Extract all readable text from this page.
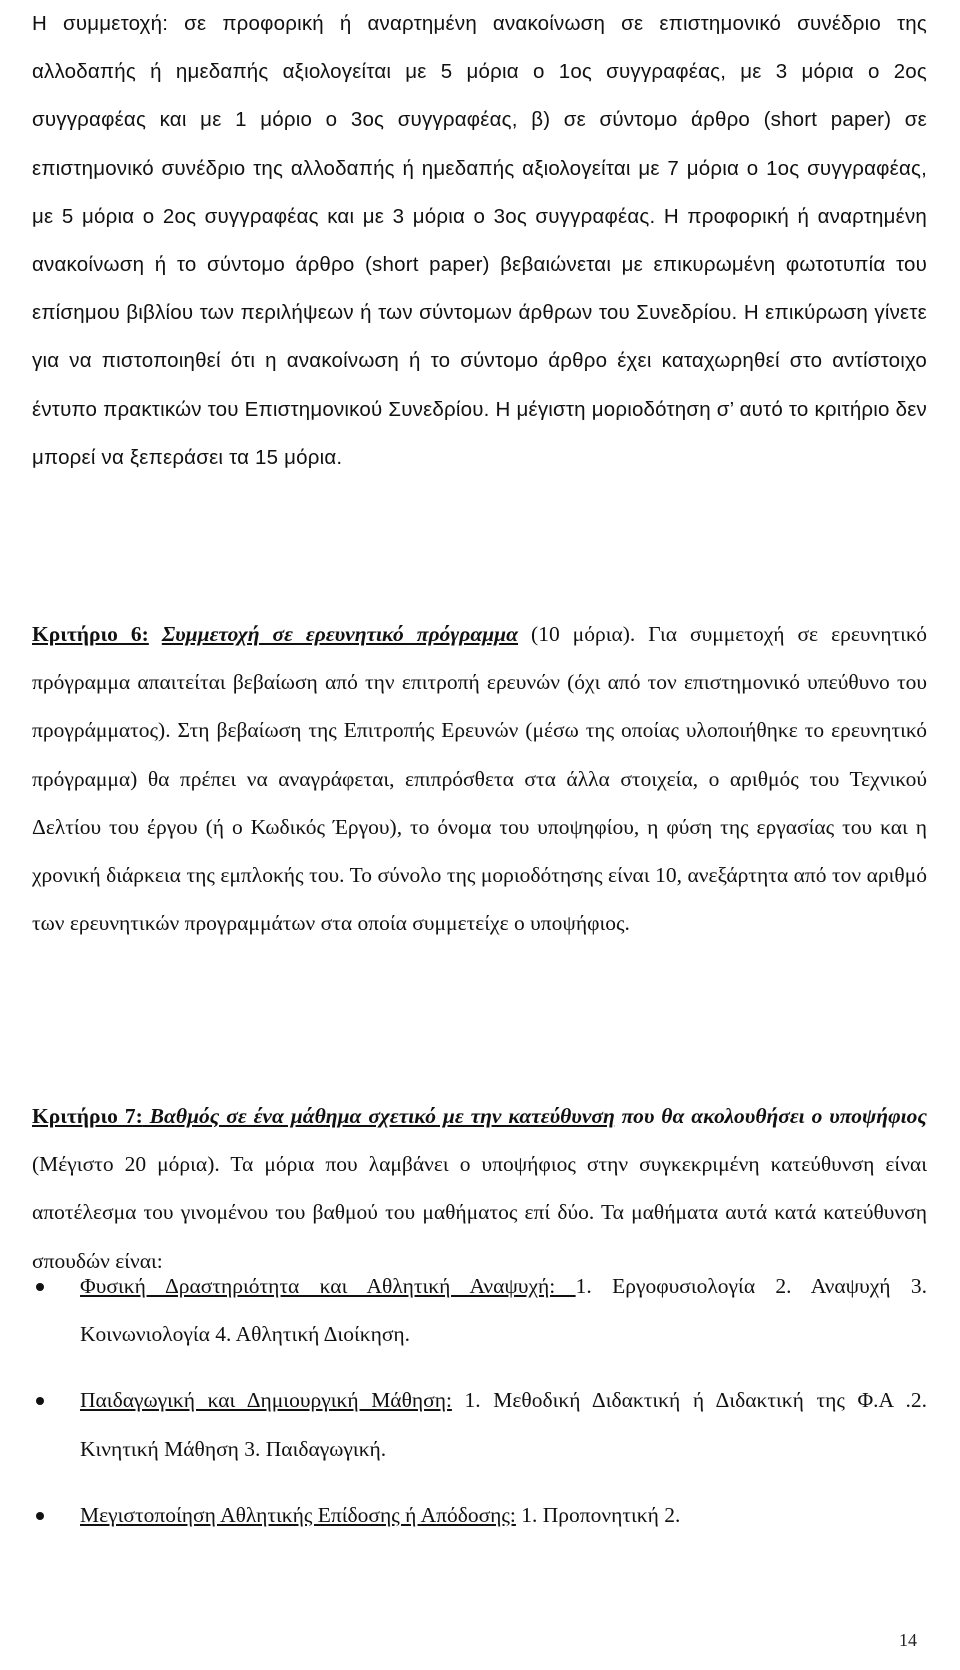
Η συμμετοχή: σε προφορική ή αναρτημένη ανακοίνωση σε επιστημονικό συνέδριο της αλλοδαπής ή ημεδαπής αξιολογείται με 5 μόρια ο 1ος συγγραφέας, με 3 μόρια ο 2ος συγγραφέας και με 1 μόριο ο 3ος συγγραφέας, β) σε σύντομο άρθρο (short paper) σε επιστημονικό συνέδριο της αλλοδαπής ή ημεδαπής αξιολογείται με 7 μόρια ο 1ος συγγραφέας, με 5 μόρια ο 2ος συγγραφέας και με 3 μόρια ο 3ος συγγραφέας. Η προφορική ή αναρτημένη ανακοίνωση ή το σύντομο άρθρο (short paper) βεβαιώνεται με επικυρωμένη φωτοτυπία του επίσημου βιβλίου των περιλήψεων ή των σύντομων άρθρων του Συνεδρίου. Η επικύρωση γίνετε για να πιστοποιηθεί ότι η ανακοίνωση ή το σύντομο άρθρο έχει καταχωρηθεί στο αντίστοιχο έντυπο πρακτικών του Επιστημονικού Συνεδρίου. Η μέγιστη μοριοδότηση σ’ αυτό το κριτήριο δεν μπορεί να ξεπεράσει τα 15 μόρια.

Κριτήριο 6: Συμμετοχή σε ερευνητικό πρόγραμμα (10 μόρια). Για συμμετοχή σε ερευνητικό πρόγραμμα απαιτείται βεβαίωση από την επιτροπή ερευνών (όχι από τον επιστημονικό υπεύθυνο του προγράμματος). Στη βεβαίωση της Επιτροπής Ερευνών (μέσω της οποίας υλοποιήθηκε το ερευνητικό πρόγραμμα) θα πρέπει να αναγράφεται, επιπρόσθετα στα άλλα στοιχεία, ο αριθμός του Τεχνικού Δελτίου του έργου (ή ο Κωδικός Έργου), το όνομα του υποψηφίου, η φύση της εργασίας του και η χρονική διάρκεια της εμπλοκής του. Το σύνολο της μοριοδότησης είναι 10, ανεξάρτητα από τον αριθμό των ερευνητικών προγραμμάτων στα οποία συμμετείχε ο υποψήφιος.

Κριτήριο 7: Βαθμός σε ένα μάθημα σχετικό με την κατεύθυνση που θα ακολουθήσει ο υποψήφιος (Μέγιστο 20 μόρια). Τα μόρια που λαμβάνει ο υποψήφιος στην συγκεκριμένη κατεύθυνση είναι αποτέλεσμα του γινομένου του βαθμού του μαθήματος επί δύο. Τα μαθήματα αυτά κατά κατεύθυνση σπουδών είναι:

Φυσική Δραστηριότητα και Αθλητική Αναψυχή: 1. Εργοφυσιολογία 2. Αναψυχή 3. Κοινωνιολογία 4. Αθλητική Διοίκηση.
Παιδαγωγική και Δημιουργική Μάθηση: 1. Μεθοδική Διδακτική ή Διδακτική της Φ.Α .2. Κινητική Μάθηση 3. Παιδαγωγική.
Μεγιστοποίηση Αθλητικής Επίδοσης ή Απόδοσης: 1. Προπονητική 2.
14
